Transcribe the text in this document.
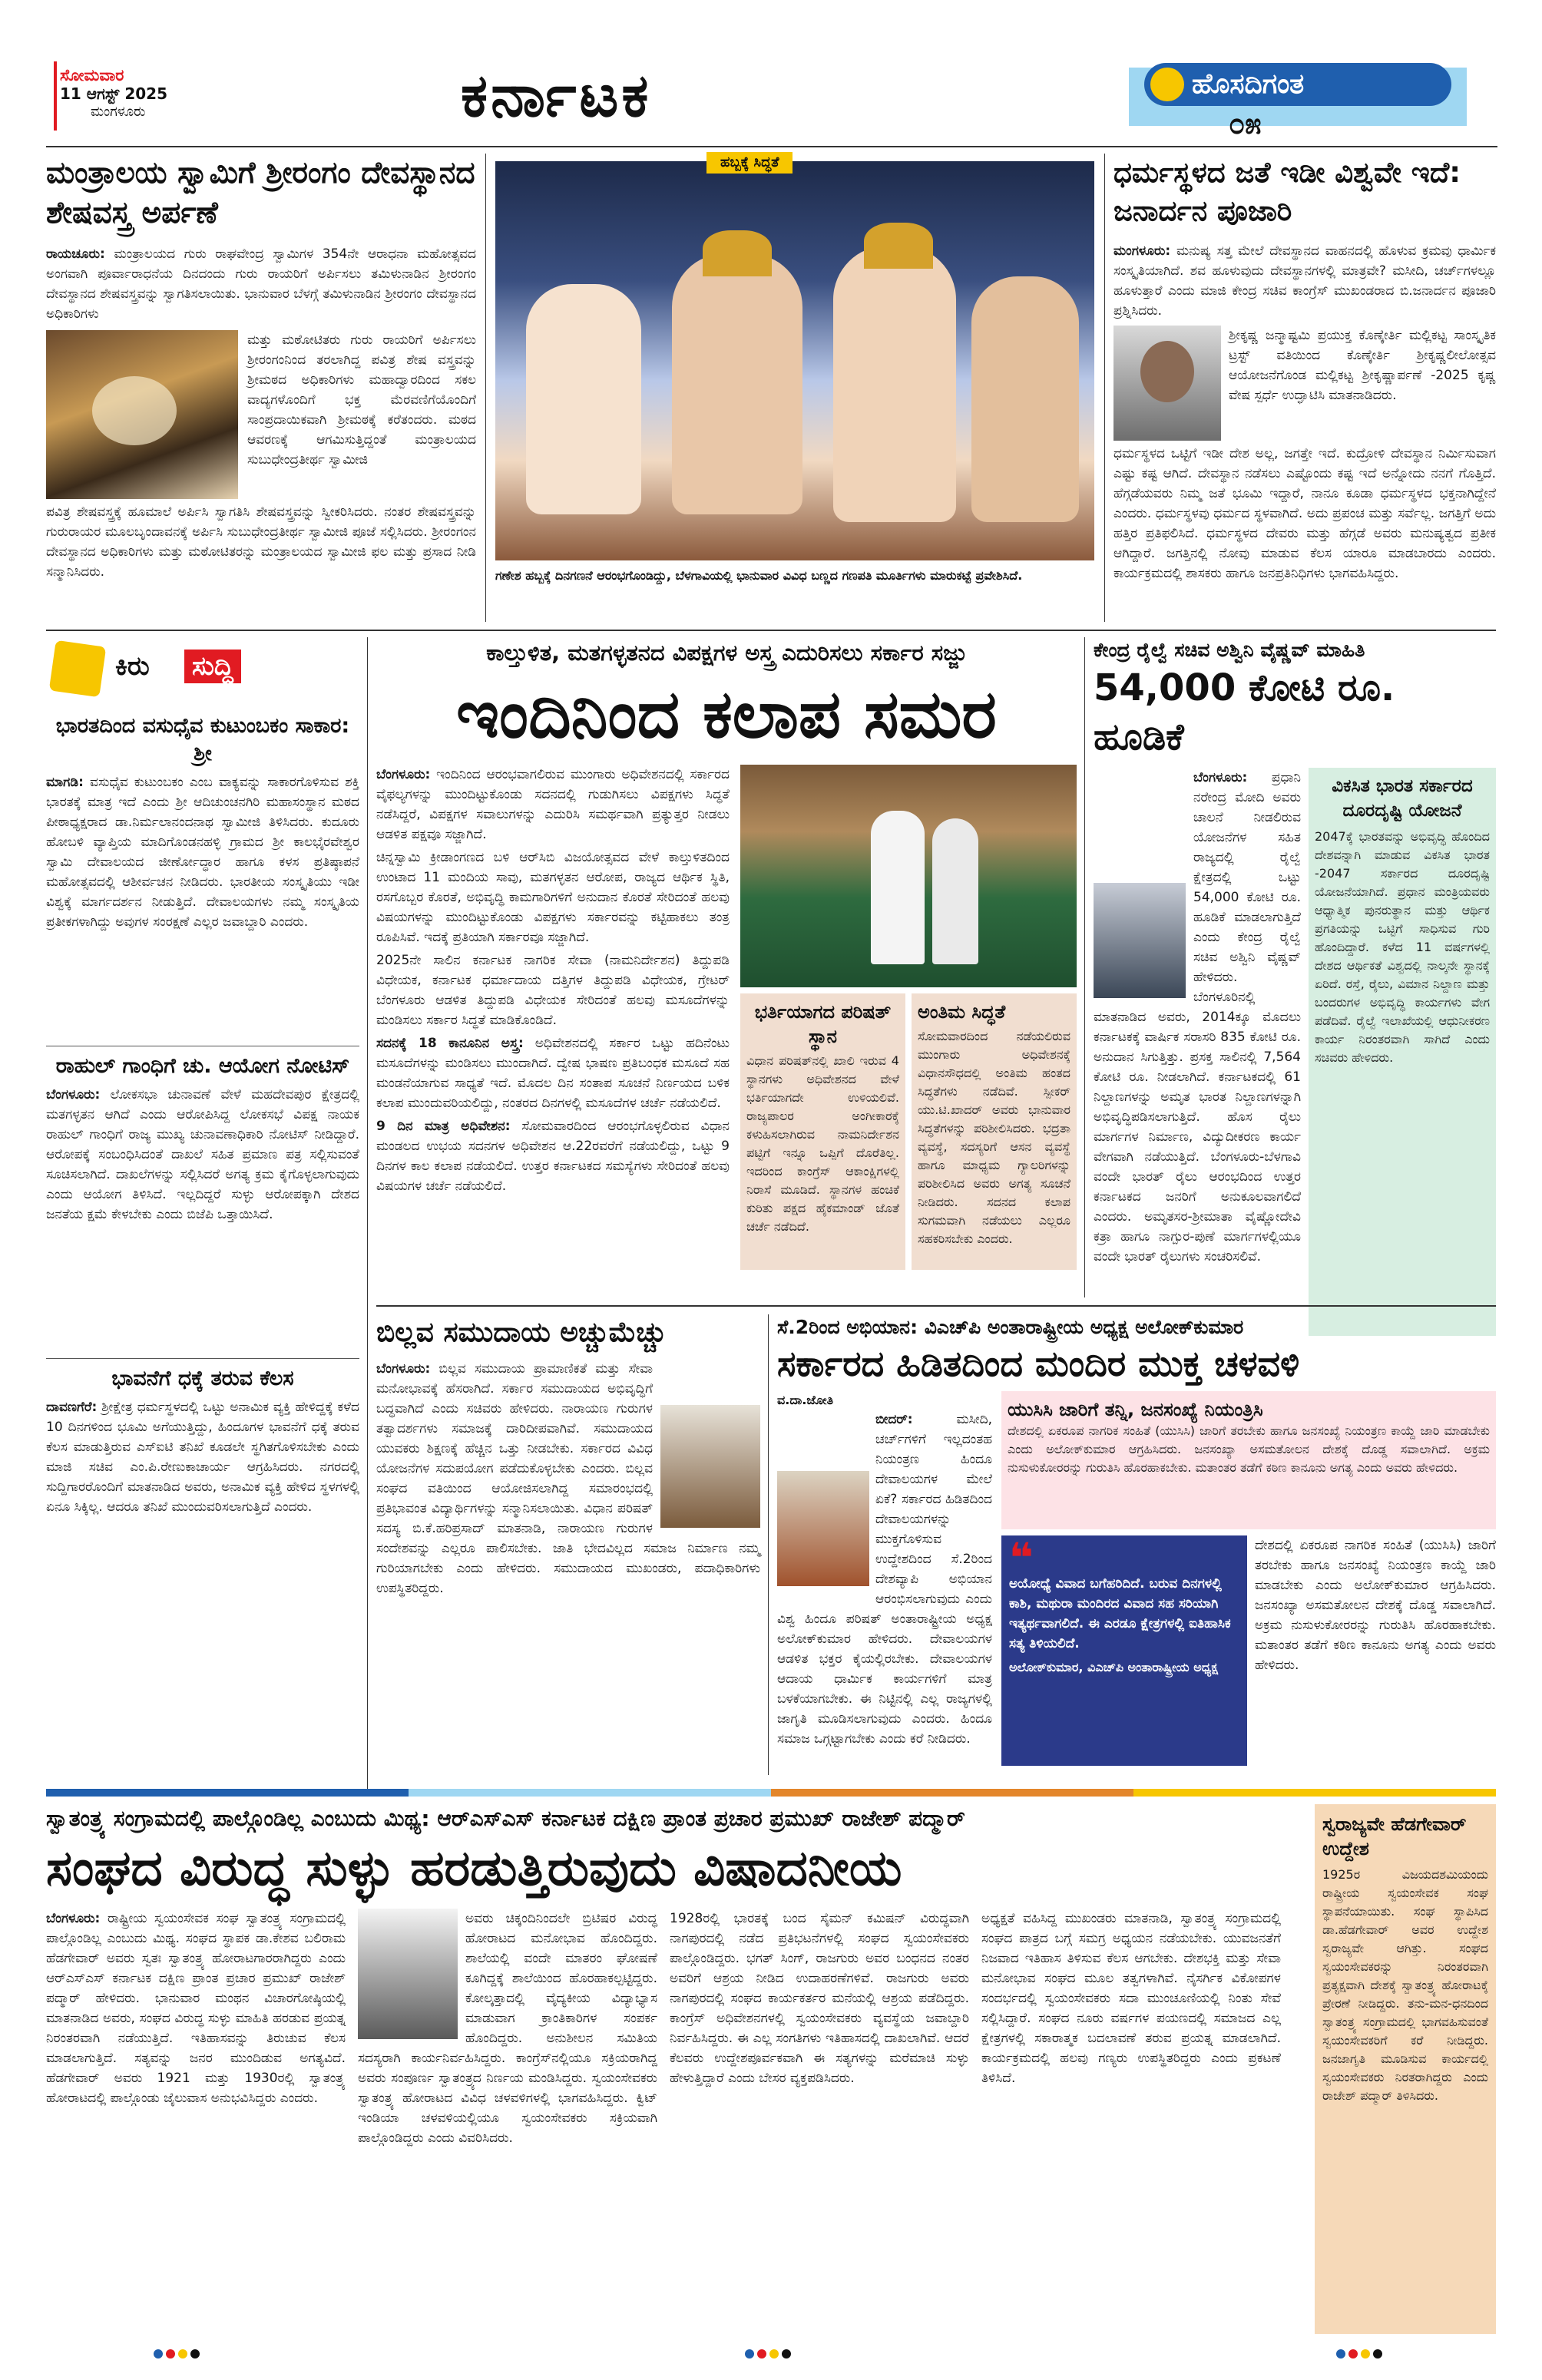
ಸೋಮವಾರ
11 ಆಗಸ್ಟ್ 2025
ಮಂಗಳೂರು	ಕರ್ನಾಟಕ	ಹೊಸದಿಗಂತ
೦೫
ಮಂತ್ರಾಲಯ ಸ್ವಾಮಿಗೆ ಶ್ರೀರಂಗಂ ದೇವಸ್ಥಾನದ ಶೇಷವಸ್ತ್ರ ಅರ್ಪಣೆ
ರಾಯಚೂರು: ಮಂತ್ರಾಲಯದ ಗುರು ರಾಘವೇಂದ್ರ ಸ್ವಾಮಿಗಳ 354ನೇ ಆರಾಧನಾ ಮಹೋತ್ಸವದ ಅಂಗವಾಗಿ ಪೂರ್ವಾರಾಧನೆಯ ದಿನದಂದು ಗುರು ರಾಯರಿಗೆ ಅರ್ಪಿಸಲು ತಮಿಳುನಾಡಿನ ಶ್ರೀರಂಗಂ ದೇವಸ್ಥಾನದ ಶೇಷವಸ್ತ್ರವನ್ನು ಸ್ವಾಗತಿಸಲಾಯಿತು. ಭಾನುವಾರ ಬೆಳಗ್ಗೆ ತಮಿಳುನಾಡಿನ ಶ್ರೀರಂಗಂ ದೇವಸ್ಥಾನದ ಅಧಿಕಾರಿಗಳು
ಮತ್ತು ಮಠೋಟಿತರು ಗುರು ರಾಯರಿಗೆ ಅರ್ಪಿಸಲು ಶ್ರೀರಂಗಂನಿಂದ ತರಲಾಗಿದ್ದ ಪವಿತ್ರ ಶೇಷ ವಸ್ತ್ರವನ್ನು ಶ್ರೀಮಠದ ಅಧಿಕಾರಿಗಳು ಮಹಾದ್ವಾರದಿಂದ ಸಕಲ ವಾದ್ಯಗಳೊಂದಿಗೆ ಭಕ್ತ ಮೆರವಣಿಗೆಯೊಂದಿಗೆ ಸಾಂಪ್ರದಾಯಿಕವಾಗಿ ಶ್ರೀಮಠಕ್ಕೆ ಕರೆತಂದರು. ಮಠದ ಆವರಣಕ್ಕೆ ಆಗಮಿಸುತ್ತಿದ್ದಂತೆ ಮಂತ್ರಾಲಯದ ಸುಬುಧೇಂದ್ರತೀರ್ಥ ಸ್ವಾಮೀಜಿ
ಪವಿತ್ರ ಶೇಷವಸ್ತ್ರಕ್ಕೆ ಹೂಮಾಲೆ ಅರ್ಪಿಸಿ ಸ್ವಾಗತಿಸಿ ಶೇಷವಸ್ತ್ರವನ್ನು ಸ್ವೀಕರಿಸಿದರು. ನಂತರ ಶೇಷವಸ್ತ್ರವನ್ನು ಗುರುರಾಯರ ಮೂಲಬೃಂದಾವನಕ್ಕೆ ಅರ್ಪಿಸಿ ಸುಬುಧೇಂದ್ರತೀರ್ಥ ಸ್ವಾಮೀಜಿ ಪೂಜೆ ಸಲ್ಲಿಸಿದರು. ಶ್ರೀರಂಗಂನ ದೇವಸ್ಥಾನದ ಅಧಿಕಾರಿಗಳು ಮತ್ತು ಮಠೋಟಿತರನ್ನು ಮಂತ್ರಾಲಯದ ಸ್ವಾಮೀಜಿ ಫಲ ಮತ್ತು ಪ್ರಸಾದ ನೀಡಿ ಸನ್ಮಾನಿಸಿದರು.
ಹಬ್ಬಕ್ಕೆ ಸಿದ್ಧತೆ
ಗಣೇಶ ಹಬ್ಬಕ್ಕೆ ದಿನಗಣನೆ ಆರಂಭಗೊಂಡಿದ್ದು, ಬೆಳಗಾವಿಯಲ್ಲಿ ಭಾನುವಾರ ವಿವಿಧ ಬಣ್ಣದ ಗಣಪತಿ ಮೂರ್ತಿಗಳು ಮಾರುಕಟ್ಟೆ ಪ್ರವೇಶಿಸಿದೆ.
ಧರ್ಮಸ್ಥಳದ ಜತೆ ಇಡೀ ವಿಶ್ವವೇ ಇದೆ: ಜನಾರ್ದನ ಪೂಜಾರಿ
ಮಂಗಳೂರು: ಮನುಷ್ಯ ಸತ್ತ ಮೇಲೆ ದೇವಸ್ಥಾನದ ವಾಹನದಲ್ಲಿ ಹೊಳುವ ಕ್ರಮವು ಧಾರ್ಮಿಕ ಸಂಸ್ಕೃತಿಯಾಗಿದೆ. ಶವ ಹೂಳುವುದು ದೇವಸ್ಥಾನಗಳಲ್ಲಿ ಮಾತ್ರವೇ? ಮಸೀದಿ, ಚರ್ಚ್‌ಗಳಲ್ಲೂ ಹೂಳುತ್ತಾರೆ ಎಂದು ಮಾಜಿ ಕೇಂದ್ರ ಸಚಿವ ಕಾಂಗ್ರೆಸ್ ಮುಖಂಡರಾದ ಬಿ.ಜನಾರ್ದನ ಪೂಜಾರಿ ಪ್ರಶ್ನಿಸಿದರು.
ಶ್ರೀಕೃಷ್ಣ ಜನ್ಮಾಷ್ಟಮಿ ಪ್ರಯುಕ್ತ ಕೊಣ್ಕೇರ್ತಿ ಮಲ್ಲಿಕಟ್ಟ ಸಾಂಸ್ಕೃತಿಕ ಟ್ರಸ್ಟ್ ವತಿಯಿಂದ ಕೊಣ್ಕೇರ್ತಿ ಶ್ರೀಕೃಷ್ಣಲೀಲೋತ್ಸವ ಆಯೋಜನೆಗೊಂಡ ಮಲ್ಲಿಕಟ್ಟ ಶ್ರೀಕೃಷ್ಣಾರ್ಪಣೆ -2025 ಕೃಷ್ಣ ವೇಷ ಸ್ಪರ್ಧೆ ಉದ್ಘಾಟಿಸಿ ಮಾತನಾಡಿದರು.
ಧರ್ಮಸ್ಥಳದ ಒಟ್ಟಿಗೆ ಇಡೀ ದೇಶ ಅಲ್ಲ, ಜಗತ್ತೇ ಇದೆ. ಕುದ್ರೋಳಿ ದೇವಸ್ಥಾನ ನಿರ್ಮಿಸುವಾಗ ಎಷ್ಟು ಕಷ್ಟ ಆಗಿದೆ. ದೇವಸ್ಥಾನ ನಡೆಸಲು ಎಷ್ಟೊಂದು ಕಷ್ಟ ಇದೆ ಅನ್ನೋದು ನನಗೆ ಗೊತ್ತಿದೆ. ಹೆಗ್ಗಡೆಯವರು ನಿಮ್ಮ ಜತೆ ಭೂಮಿ ಇದ್ದಾರೆ, ನಾನೂ ಕೂಡಾ ಧರ್ಮಸ್ಥಳದ ಭಕ್ತನಾಗಿದ್ದೇನೆ ಎಂದರು. ಧರ್ಮಸ್ಥಳವು ಧರ್ಮದ ಸ್ಥಳವಾಗಿದೆ. ಅದು ಪ್ರಪಂಚ ಮತ್ತು ಸರ್ವೆಲ್ಲ. ಜಗತ್ತಿಗೆ ಅದು ಹತ್ತಿರ ಪ್ರತಿಫಲಿಸಿದೆ. ಧರ್ಮಸ್ಥಳದ ದೇವರು ಮತ್ತು ಹೆಗ್ಗಡೆ ಅವರು ಮನುಷ್ಯತ್ವದ ಪ್ರತೀಕ ಆಗಿದ್ದಾರೆ. ಜಗತ್ತಿನಲ್ಲಿ ನೋವು ಮಾಡುವ ಕೆಲಸ ಯಾರೂ ಮಾಡಬಾರದು ಎಂದರು. ಕಾರ್ಯಕ್ರಮದಲ್ಲಿ ಶಾಸಕರು ಹಾಗೂ ಜನಪ್ರತಿನಿಧಿಗಳು ಭಾಗವಹಿಸಿದ್ದರು.
ಕಿರು ಸುದ್ದಿ
ಭಾರತದಿಂದ ವಸುಧೈವ ಕುಟುಂಬಕಂ ಸಾಕಾರ: ಶ್ರೀ
ಮಾಗಡಿ: ವಸುಧೈವ ಕುಟುಂಬಕಂ ಎಂಬ ವಾಕ್ಯವನ್ನು ಸಾಕಾರಗೊಳಿಸುವ ಶಕ್ತಿ ಭಾರತಕ್ಕೆ ಮಾತ್ರ ಇದೆ ಎಂದು ಶ್ರೀ ಆದಿಚುಂಚನಗಿರಿ ಮಹಾಸಂಸ್ಥಾನ ಮಠದ ಪೀಠಾಧ್ಯಕ್ಷರಾದ ಡಾ.ನಿರ್ಮಲಾನಂದನಾಥ ಸ್ವಾಮೀಜಿ ತಿಳಿಸಿದರು. ಕುದೂರು ಹೋಬಳಿ ವ್ಯಾಪ್ತಿಯ ಮಾದಿಗೊಂಡನಹಳ್ಳಿ ಗ್ರಾಮದ ಶ್ರೀ ಕಾಲಭೈರವೇಶ್ವರ ಸ್ವಾಮಿ ದೇವಾಲಯದ ಜೀರ್ಣೋದ್ಧಾರ ಹಾಗೂ ಕಳಸ ಪ್ರತಿಷ್ಠಾಪನೆ ಮಹೋತ್ಸವದಲ್ಲಿ ಆಶೀರ್ವಚನ ನೀಡಿದರು. ಭಾರತೀಯ ಸಂಸ್ಕೃತಿಯು ಇಡೀ ವಿಶ್ವಕ್ಕೆ ಮಾರ್ಗದರ್ಶನ ನೀಡುತ್ತಿದೆ. ದೇವಾಲಯಗಳು ನಮ್ಮ ಸಂಸ್ಕೃತಿಯ ಪ್ರತೀಕಗಳಾಗಿದ್ದು ಅವುಗಳ ಸಂರಕ್ಷಣೆ ಎಲ್ಲರ ಜವಾಬ್ದಾರಿ ಎಂದರು.
ರಾಹುಲ್ ಗಾಂಧಿಗೆ ಚು. ಆಯೋಗ ನೋಟಿಸ್
ಬೆಂಗಳೂರು: ಲೋಕಸಭಾ ಚುನಾವಣೆ ವೇಳೆ ಮಹದೇವಪುರ ಕ್ಷೇತ್ರದಲ್ಲಿ ಮತಗಳ್ಳತನ ಆಗಿದೆ ಎಂದು ಆರೋಪಿಸಿದ್ದ ಲೋಕಸಭೆ ವಿಪಕ್ಷ ನಾಯಕ ರಾಹುಲ್ ಗಾಂಧಿಗೆ ರಾಜ್ಯ ಮುಖ್ಯ ಚುನಾವಣಾಧಿಕಾರಿ ನೋಟಿಸ್ ನೀಡಿದ್ದಾರೆ. ಆರೋಪಕ್ಕೆ ಸಂಬಂಧಿಸಿದಂತೆ ದಾಖಲೆ ಸಹಿತ ಪ್ರಮಾಣ ಪತ್ರ ಸಲ್ಲಿಸುವಂತೆ ಸೂಚಿಸಲಾಗಿದೆ. ದಾಖಲೆಗಳನ್ನು ಸಲ್ಲಿಸಿದರೆ ಅಗತ್ಯ ಕ್ರಮ ಕೈಗೊಳ್ಳಲಾಗುವುದು ಎಂದು ಆಯೋಗ ತಿಳಿಸಿದೆ. ಇಲ್ಲದಿದ್ದರೆ ಸುಳ್ಳು ಆರೋಪಕ್ಕಾಗಿ ದೇಶದ ಜನತೆಯ ಕ್ಷಮೆ ಕೇಳಬೇಕು ಎಂದು ಬಿಜೆಪಿ ಒತ್ತಾಯಿಸಿದೆ.
ಭಾವನೆಗೆ ಧಕ್ಕೆ ತರುವ ಕೆಲಸ
ದಾವಣಗೆರೆ: ಶ್ರೀಕ್ಷೇತ್ರ ಧರ್ಮಸ್ಥಳದಲ್ಲಿ ಒಟ್ಟು ಅನಾಮಿಕ ವ್ಯಕ್ತಿ ಹೇಳಿದ್ದಕ್ಕೆ ಕಳೆದ 10 ದಿನಗಳಿಂದ ಭೂಮಿ ಅಗೆಯುತ್ತಿದ್ದು, ಹಿಂದೂಗಳ ಭಾವನೆಗೆ ಧಕ್ಕೆ ತರುವ ಕೆಲಸ ಮಾಡುತ್ತಿರುವ ಎಸ್ಐಟಿ ತನಿಖೆ ಕೂಡಲೇ ಸ್ಥಗಿತಗೊಳಿಸಬೇಕು ಎಂದು ಮಾಜಿ ಸಚಿವ ಎಂ.ಪಿ.ರೇಣುಕಾಚಾರ್ಯ ಆಗ್ರಹಿಸಿದರು. ನಗರದಲ್ಲಿ ಸುದ್ದಿಗಾರರೊಂದಿಗೆ ಮಾತನಾಡಿದ ಅವರು, ಅನಾಮಿಕ ವ್ಯಕ್ತಿ ಹೇಳಿದ ಸ್ಥಳಗಳಲ್ಲಿ ಏನೂ ಸಿಕ್ಕಿಲ್ಲ. ಆದರೂ ತನಿಖೆ ಮುಂದುವರಿಸಲಾಗುತ್ತಿದೆ ಎಂದರು.
ಕಾಲ್ತುಳಿತ, ಮತಗಳ್ಳತನದ ವಿಪಕ್ಷಗಳ ಅಸ್ತ್ರ ಎದುರಿಸಲು ಸರ್ಕಾರ ಸಜ್ಜು
ಇಂದಿನಿಂದ ಕಲಾಪ ಸಮರ
ಬೆಂಗಳೂರು: ಇಂದಿನಿಂದ ಆರಂಭವಾಗಲಿರುವ ಮುಂಗಾರು ಅಧಿವೇಶನದಲ್ಲಿ ಸರ್ಕಾರದ ವೈಫಲ್ಯಗಳನ್ನು ಮುಂದಿಟ್ಟುಕೊಂಡು ಸದನದಲ್ಲಿ ಗುಡುಗಿಸಲು ವಿಪಕ್ಷಗಳು ಸಿದ್ಧತೆ ನಡೆಸಿದ್ದರೆ, ವಿಪಕ್ಷಗಳ ಸವಾಲುಗಳನ್ನು ಎದುರಿಸಿ ಸಮರ್ಥವಾಗಿ ಪ್ರತ್ಯುತ್ತರ ನೀಡಲು ಆಡಳಿತ ಪಕ್ಷವೂ ಸಜ್ಜಾಗಿದೆ.
ಚಿನ್ನಸ್ವಾಮಿ ಕ್ರೀಡಾಂಗಣದ ಬಳಿ ಆರ್‌ಸಿಬಿ ವಿಜಯೋತ್ಸವದ ವೇಳೆ ಕಾಲ್ತುಳಿತದಿಂದ ಉಂಟಾದ 11 ಮಂದಿಯ ಸಾವು, ಮತಗಳ್ಳತನ ಆರೋಪ, ರಾಜ್ಯದ ಆರ್ಥಿಕ ಸ್ಥಿತಿ, ರಸಗೊಬ್ಬರ ಕೊರತೆ, ಅಭಿವೃದ್ಧಿ ಕಾಮಗಾರಿಗಳಿಗೆ ಅನುದಾನ ಕೊರತೆ ಸೇರಿದಂತೆ ಹಲವು ವಿಷಯಗಳನ್ನು ಮುಂದಿಟ್ಟುಕೊಂಡು ವಿಪಕ್ಷಗಳು ಸರ್ಕಾರವನ್ನು ಕಟ್ಟಿಹಾಕಲು ತಂತ್ರ ರೂಪಿಸಿವೆ. ಇದಕ್ಕೆ ಪ್ರತಿಯಾಗಿ ಸರ್ಕಾರವೂ ಸಜ್ಜಾಗಿದೆ.
2025ನೇ ಸಾಲಿನ ಕರ್ನಾಟಕ ನಾಗರಿಕ ಸೇವಾ (ನಾಮನಿರ್ದೇಶನ) ತಿದ್ದುಪಡಿ ವಿಧೇಯಕ, ಕರ್ನಾಟಕ ಧರ್ಮಾದಾಯ ದತ್ತಿಗಳ ತಿದ್ದುಪಡಿ ವಿಧೇಯಕ, ಗ್ರೇಟರ್ ಬೆಂಗಳೂರು ಆಡಳಿತ ತಿದ್ದುಪಡಿ ವಿಧೇಯಕ ಸೇರಿದಂತೆ ಹಲವು ಮಸೂದೆಗಳನ್ನು ಮಂಡಿಸಲು ಸರ್ಕಾರ ಸಿದ್ಧತೆ ಮಾಡಿಕೊಂಡಿದೆ.
ಸದನಕ್ಕೆ 18 ಕಾನೂನಿನ ಅಸ್ತ್ರ: ಅಧಿವೇಶನದಲ್ಲಿ ಸರ್ಕಾರ ಒಟ್ಟು ಹದಿನೆಂಟು ಮಸೂದೆಗಳನ್ನು ಮಂಡಿಸಲು ಮುಂದಾಗಿದೆ. ದ್ವೇಷ ಭಾಷಣ ಪ್ರತಿಬಂಧಕ ಮಸೂದೆ ಸಹ ಮಂಡನೆಯಾಗುವ ಸಾಧ್ಯತೆ ಇದೆ. ಮೊದಲ ದಿನ ಸಂತಾಪ ಸೂಚನೆ ನಿರ್ಣಯದ ಬಳಿಕ ಕಲಾಪ ಮುಂದುವರಿಯಲಿದ್ದು, ನಂತರದ ದಿನಗಳಲ್ಲಿ ಮಸೂದೆಗಳ ಚರ್ಚೆ ನಡೆಯಲಿದೆ.
9 ದಿನ ಮಾತ್ರ ಅಧಿವೇಶನ: ಸೋಮವಾರದಿಂದ ಆರಂಭಗೊಳ್ಳಲಿರುವ ವಿಧಾನ ಮಂಡಲದ ಉಭಯ ಸದನಗಳ ಅಧಿವೇಶನ ಆ.22ರವರೆಗೆ ನಡೆಯಲಿದ್ದು, ಒಟ್ಟು 9 ದಿನಗಳ ಕಾಲ ಕಲಾಪ ನಡೆಯಲಿದೆ. ಉತ್ತರ ಕರ್ನಾಟಕದ ಸಮಸ್ಯೆಗಳು ಸೇರಿದಂತೆ ಹಲವು ವಿಷಯಗಳ ಚರ್ಚೆ ನಡೆಯಲಿದೆ.
ಭರ್ತಿಯಾಗದ ಪರಿಷತ್ ಸ್ಥಾನ
ವಿಧಾನ ಪರಿಷತ್‌ನಲ್ಲಿ ಖಾಲಿ ಇರುವ 4 ಸ್ಥಾನಗಳು ಅಧಿವೇಶನದ ವೇಳೆ ಭರ್ತಿಯಾಗದೇ ಉಳಿಯಲಿವೆ. ರಾಜ್ಯಪಾಲರ ಅಂಗೀಕಾರಕ್ಕೆ ಕಳುಹಿಸಲಾಗಿರುವ ನಾಮನಿರ್ದೇಶನ ಪಟ್ಟಿಗೆ ಇನ್ನೂ ಒಪ್ಪಿಗೆ ದೊರೆತಿಲ್ಲ. ಇದರಿಂದ ಕಾಂಗ್ರೆಸ್ ಆಕಾಂಕ್ಷಿಗಳಲ್ಲಿ ನಿರಾಸೆ ಮೂಡಿದೆ. ಸ್ಥಾನಗಳ ಹಂಚಿಕೆ ಕುರಿತು ಪಕ್ಷದ ಹೈಕಮಾಂಡ್ ಜೊತೆ ಚರ್ಚೆ ನಡೆದಿದೆ.
ಅಂತಿಮ ಸಿದ್ಧತೆ
ಸೋಮವಾರದಿಂದ ನಡೆಯಲಿರುವ ಮುಂಗಾರು ಅಧಿವೇಶನಕ್ಕೆ ವಿಧಾನಸೌಧದಲ್ಲಿ ಅಂತಿಮ ಹಂತದ ಸಿದ್ಧತೆಗಳು ನಡೆದಿವೆ. ಸ್ಪೀಕರ್ ಯು.ಟಿ.ಖಾದರ್ ಅವರು ಭಾನುವಾರ ಸಿದ್ಧತೆಗಳನ್ನು ಪರಿಶೀಲಿಸಿದರು. ಭದ್ರತಾ ವ್ಯವಸ್ಥೆ, ಸದಸ್ಯರಿಗೆ ಆಸನ ವ್ಯವಸ್ಥೆ ಹಾಗೂ ಮಾಧ್ಯಮ ಗ್ಯಾಲರಿಗಳನ್ನು ಪರಿಶೀಲಿಸಿದ ಅವರು ಅಗತ್ಯ ಸೂಚನೆ ನೀಡಿದರು. ಸದನದ ಕಲಾಪ ಸುಗಮವಾಗಿ ನಡೆಯಲು ಎಲ್ಲರೂ ಸಹಕರಿಸಬೇಕು ಎಂದರು.
ಕೇಂದ್ರ ರೈಲ್ವೆ ಸಚಿವ ಅಶ್ವಿನಿ ವೈಷ್ಣವ್ ಮಾಹಿತಿ
54,000 ಕೋಟಿ ರೂ. ಹೂಡಿಕೆ
ಬೆಂಗಳೂರು: ಪ್ರಧಾನಿ ನರೇಂದ್ರ ಮೋದಿ ಅವರು ಚಾಲನೆ ನೀಡಲಿರುವ ಯೋಜನೆಗಳ ಸಹಿತ ರಾಜ್ಯದಲ್ಲಿ ರೈಲ್ವೆ ಕ್ಷೇತ್ರದಲ್ಲಿ ಒಟ್ಟು 54,000 ಕೋಟಿ ರೂ. ಹೂಡಿಕೆ ಮಾಡಲಾಗುತ್ತಿದೆ ಎಂದು ಕೇಂದ್ರ ರೈಲ್ವೆ ಸಚಿವ ಅಶ್ವಿನಿ ವೈಷ್ಣವ್ ಹೇಳಿದರು. ಬೆಂಗಳೂರಿನಲ್ಲಿ ಮಾತನಾಡಿದ ಅವರು, 2014ಕ್ಕೂ ಮೊದಲು ಕರ್ನಾಟಕಕ್ಕೆ ವಾರ್ಷಿಕ ಸರಾಸರಿ 835 ಕೋಟಿ ರೂ. ಅನುದಾನ ಸಿಗುತ್ತಿತ್ತು. ಪ್ರಸಕ್ತ ಸಾಲಿನಲ್ಲಿ 7,564 ಕೋಟಿ ರೂ. ನೀಡಲಾಗಿದೆ. ಕರ್ನಾಟಕದಲ್ಲಿ 61 ನಿಲ್ದಾಣಗಳನ್ನು ಅಮೃತ ಭಾರತ ನಿಲ್ದಾಣಗಳನ್ನಾಗಿ ಅಭಿವೃದ್ಧಿಪಡಿಸಲಾಗುತ್ತಿದೆ. ಹೊಸ ರೈಲು ಮಾರ್ಗಗಳ ನಿರ್ಮಾಣ, ವಿದ್ಯುದೀಕರಣ ಕಾರ್ಯ ವೇಗವಾಗಿ ನಡೆಯುತ್ತಿದೆ. ಬೆಂಗಳೂರು-ಬೆಳಗಾವಿ ವಂದೇ ಭಾರತ್ ರೈಲು ಆರಂಭದಿಂದ ಉತ್ತರ ಕರ್ನಾಟಕದ ಜನರಿಗೆ ಅನುಕೂಲವಾಗಲಿದೆ ಎಂದರು. ಅಮೃತಸರ-ಶ್ರೀಮಾತಾ ವೈಷ್ಣೋದೇವಿ ಕತ್ರಾ ಹಾಗೂ ನಾಗ್ಪುರ-ಪುಣೆ ಮಾರ್ಗಗಳಲ್ಲಿಯೂ ವಂದೇ ಭಾರತ್ ರೈಲುಗಳು ಸಂಚರಿಸಲಿವೆ.
ವಿಕಸಿತ ಭಾರತ ಸರ್ಕಾರದ ದೂರದೃಷ್ಟಿ ಯೋಜನೆ
2047ಕ್ಕೆ ಭಾರತವನ್ನು ಅಭಿವೃದ್ಧಿ ಹೊಂದಿದ ದೇಶವನ್ನಾಗಿ ಮಾಡುವ ವಿಕಸಿತ ಭಾರತ -2047 ಸರ್ಕಾರದ ದೂರದೃಷ್ಟಿ ಯೋಜನೆಯಾಗಿದೆ. ಪ್ರಧಾನ ಮಂತ್ರಿಯವರು ಆಧ್ಯಾತ್ಮಿಕ ಪುನರುತ್ಥಾನ ಮತ್ತು ಆರ್ಥಿಕ ಪ್ರಗತಿಯನ್ನು ಒಟ್ಟಿಗೆ ಸಾಧಿಸುವ ಗುರಿ ಹೊಂದಿದ್ದಾರೆ. ಕಳೆದ 11 ವರ್ಷಗಳಲ್ಲಿ ದೇಶದ ಆರ್ಥಿಕತೆ ವಿಶ್ವದಲ್ಲಿ ನಾಲ್ಕನೇ ಸ್ಥಾನಕ್ಕೆ ಏರಿದೆ. ರಸ್ತೆ, ರೈಲು, ವಿಮಾನ ನಿಲ್ದಾಣ ಮತ್ತು ಬಂದರುಗಳ ಅಭಿವೃದ್ಧಿ ಕಾರ್ಯಗಳು ವೇಗ ಪಡೆದಿವೆ. ರೈಲ್ವೆ ಇಲಾಖೆಯಲ್ಲಿ ಆಧುನೀಕರಣ ಕಾರ್ಯ ನಿರಂತರವಾಗಿ ಸಾಗಿದೆ ಎಂದು ಸಚಿವರು ಹೇಳಿದರು.
ಬಿಲ್ಲವ ಸಮುದಾಯ ಅಚ್ಚುಮೆಚ್ಚು
ಬೆಂಗಳೂರು: ಬಿಲ್ಲವ ಸಮುದಾಯ ಪ್ರಾಮಾಣಿಕತೆ ಮತ್ತು ಸೇವಾ ಮನೋಭಾವಕ್ಕೆ ಹೆಸರಾಗಿದೆ. ಸರ್ಕಾರ ಸಮುದಾಯದ ಅಭಿವೃದ್ಧಿಗೆ ಬದ್ಧವಾಗಿದೆ ಎಂದು ಸಚಿವರು ಹೇಳಿದರು. ನಾರಾಯಣ ಗುರುಗಳ ತತ್ವಾದರ್ಶಗಳು ಸಮಾಜಕ್ಕೆ ದಾರಿದೀಪವಾಗಿವೆ. ಸಮುದಾಯದ ಯುವಕರು ಶಿಕ್ಷಣಕ್ಕೆ ಹೆಚ್ಚಿನ ಒತ್ತು ನೀಡಬೇಕು. ಸರ್ಕಾರದ ವಿವಿಧ ಯೋಜನೆಗಳ ಸದುಪಯೋಗ ಪಡೆದುಕೊಳ್ಳಬೇಕು ಎಂದರು. ಬಿಲ್ಲವ ಸಂಘದ ವತಿಯಿಂದ ಆಯೋಜಿಸಲಾಗಿದ್ದ ಸಮಾರಂಭದಲ್ಲಿ ಪ್ರತಿಭಾವಂತ ವಿದ್ಯಾರ್ಥಿಗಳನ್ನು ಸನ್ಮಾನಿಸಲಾಯಿತು. ವಿಧಾನ ಪರಿಷತ್ ಸದಸ್ಯ ಬಿ.ಕೆ.ಹರಿಪ್ರಸಾದ್ ಮಾತನಾಡಿ, ನಾರಾಯಣ ಗುರುಗಳ ಸಂದೇಶವನ್ನು ಎಲ್ಲರೂ ಪಾಲಿಸಬೇಕು. ಜಾತಿ ಭೇದವಿಲ್ಲದ ಸಮಾಜ ನಿರ್ಮಾಣ ನಮ್ಮ ಗುರಿಯಾಗಬೇಕು ಎಂದು ಹೇಳಿದರು. ಸಮುದಾಯದ ಮುಖಂಡರು, ಪದಾಧಿಕಾರಿಗಳು ಉಪಸ್ಥಿತರಿದ್ದರು.
ಸೆ.2ರಿಂದ ಅಭಿಯಾನ: ವಿಎಚ್‌ಪಿ ಅಂತಾರಾಷ್ಟ್ರೀಯ ಅಧ್ಯಕ್ಷ ಅಲೋಕ್‌ಕುಮಾರ
ಸರ್ಕಾರದ ಹಿಡಿತದಿಂದ ಮಂದಿರ ಮುಕ್ತ ಚಳವಳಿ
ವ.ದಾ.ಜೋತಿ
ಬೀದರ್:	ಮಸೀದಿ, ಚರ್ಚ್‌ಗಳಿಗೆ ಇಲ್ಲದಂತಹ ನಿಯಂತ್ರಣ ಹಿಂದೂ ದೇವಾಲಯಗಳ ಮೇಲೆ ಏಕೆ? ಸರ್ಕಾರದ ಹಿಡಿತದಿಂದ ದೇವಾಲಯಗಳನ್ನು ಮುಕ್ತಗೊಳಿಸುವ ಉದ್ದೇಶದಿಂದ ಸೆ.2ರಿಂದ ದೇಶವ್ಯಾಪಿ ಅಭಿಯಾನ ಆರಂಭಿಸಲಾಗುವುದು ಎಂದು ವಿಶ್ವ ಹಿಂದೂ ಪರಿಷತ್ ಅಂತಾರಾಷ್ಟ್ರೀಯ ಅಧ್ಯಕ್ಷ ಅಲೋಕ್‌ಕುಮಾರ ಹೇಳಿದರು. ದೇವಾಲಯಗಳ ಆಡಳಿತ ಭಕ್ತರ ಕೈಯಲ್ಲಿರಬೇಕು. ದೇವಾಲಯಗಳ ಆದಾಯ ಧಾರ್ಮಿಕ ಕಾರ್ಯಗಳಿಗೆ ಮಾತ್ರ ಬಳಕೆಯಾಗಬೇಕು. ಈ ನಿಟ್ಟಿನಲ್ಲಿ ಎಲ್ಲ ರಾಜ್ಯಗಳಲ್ಲಿ ಜಾಗೃತಿ ಮೂಡಿಸಲಾಗುವುದು ಎಂದರು. ಹಿಂದೂ ಸಮಾಜ ಒಗ್ಗಟ್ಟಾಗಬೇಕು ಎಂದು ಕರೆ ನೀಡಿದರು.
ಯುಸಿಸಿ ಜಾರಿಗೆ ತನ್ನಿ, ಜನಸಂಖ್ಯೆ ನಿಯಂತ್ರಿಸಿ
ದೇಶದಲ್ಲಿ ಏಕರೂಪ ನಾಗರಿಕ ಸಂಹಿತೆ (ಯುಸಿಸಿ) ಜಾರಿಗೆ ತರಬೇಕು ಹಾಗೂ ಜನಸಂಖ್ಯೆ ನಿಯಂತ್ರಣ ಕಾಯ್ದೆ ಜಾರಿ ಮಾಡಬೇಕು ಎಂದು ಅಲೋಕ್‌ಕುಮಾರ ಆಗ್ರಹಿಸಿದರು. ಜನಸಂಖ್ಯಾ ಅಸಮತೋಲನ ದೇಶಕ್ಕೆ ದೊಡ್ಡ ಸವಾಲಾಗಿದೆ. ಅಕ್ರಮ ನುಸುಳುಕೋರರನ್ನು ಗುರುತಿಸಿ ಹೊರಹಾಕಬೇಕು. ಮತಾಂತರ ತಡೆಗೆ ಕಠಿಣ ಕಾನೂನು ಅಗತ್ಯ ಎಂದು ಅವರು ಹೇಳಿದರು.
❝
ಅಯೋಧ್ಯೆ ವಿವಾದ ಬಗೆಹರಿದಿದೆ. ಬರುವ ದಿನಗಳಲ್ಲಿ ಕಾಶಿ, ಮಥುರಾ ಮಂದಿರದ ವಿವಾದ ಸಹ ಸರಿಯಾಗಿ ಇತ್ಯರ್ಥವಾಗಲಿದೆ. ಈ ಎರಡೂ ಕ್ಷೇತ್ರಗಳಲ್ಲಿ ಐತಿಹಾಸಿಕ ಸತ್ಯ ತಿಳಿಯಲಿದೆ.
ಅಲೋಕ್‌ಕುಮಾರ, ವಿಎಚ್‌ಪಿ ಅಂತಾರಾಷ್ಟ್ರೀಯ ಅಧ್ಯಕ್ಷ
ದೇಶದಲ್ಲಿ ಏಕರೂಪ ನಾಗರಿಕ ಸಂಹಿತೆ (ಯುಸಿಸಿ) ಜಾರಿಗೆ ತರಬೇಕು ಹಾಗೂ ಜನಸಂಖ್ಯೆ ನಿಯಂತ್ರಣ ಕಾಯ್ದೆ ಜಾರಿ ಮಾಡಬೇಕು ಎಂದು ಅಲೋಕ್‌ಕುಮಾರ ಆಗ್ರಹಿಸಿದರು. ಜನಸಂಖ್ಯಾ ಅಸಮತೋಲನ ದೇಶಕ್ಕೆ ದೊಡ್ಡ ಸವಾಲಾಗಿದೆ. ಅಕ್ರಮ ನುಸುಳುಕೋರರನ್ನು ಗುರುತಿಸಿ ಹೊರಹಾಕಬೇಕು. ಮತಾಂತರ ತಡೆಗೆ ಕಠಿಣ ಕಾನೂನು ಅಗತ್ಯ ಎಂದು ಅವರು ಹೇಳಿದರು.
ಸ್ವಾತಂತ್ರ್ಯ ಸಂಗ್ರಾಮದಲ್ಲಿ ಪಾಲ್ಗೊಂಡಿಲ್ಲ ಎಂಬುದು ಮಿಥ್ಯ: ಆರ್‌ಎಸ್‌ಎಸ್ ಕರ್ನಾಟಕ ದಕ್ಷಿಣ ಪ್ರಾಂತ ಪ್ರಚಾರ ಪ್ರಮುಖ್ ರಾಜೇಶ್ ಪದ್ಮಾರ್
ಸಂಘದ ವಿರುದ್ಧ ಸುಳ್ಳು ಹರಡುತ್ತಿರುವುದು ವಿಷಾದನೀಯ
ಬೆಂಗಳೂರು: ರಾಷ್ಟ್ರೀಯ ಸ್ವಯಂಸೇವಕ ಸಂಘ ಸ್ವಾತಂತ್ರ್ಯ ಸಂಗ್ರಾಮದಲ್ಲಿ ಪಾಲ್ಗೊಂಡಿಲ್ಲ ಎಂಬುದು ಮಿಥ್ಯ. ಸಂಘದ ಸ್ಥಾಪಕ ಡಾ.ಕೇಶವ ಬಲಿರಾಮ ಹೆಡಗೇವಾರ್ ಅವರು ಸ್ವತಃ ಸ್ವಾತಂತ್ರ್ಯ ಹೋರಾಟಗಾರರಾಗಿದ್ದರು ಎಂದು ಆರ್‌ಎಸ್‌ಎಸ್ ಕರ್ನಾಟಕ ದಕ್ಷಿಣ ಪ್ರಾಂತ ಪ್ರಚಾರ ಪ್ರಮುಖ್ ರಾಜೇಶ್ ಪದ್ಮಾರ್ ಹೇಳಿದರು. ಭಾನುವಾರ ಮಂಥನ ವಿಚಾರಗೋಷ್ಠಿಯಲ್ಲಿ ಮಾತನಾಡಿದ ಅವರು, ಸಂಘದ ವಿರುದ್ಧ ಸುಳ್ಳು ಮಾಹಿತಿ ಹರಡುವ ಪ್ರಯತ್ನ ನಿರಂತರವಾಗಿ ನಡೆಯುತ್ತಿದೆ. ಇತಿಹಾಸವನ್ನು ತಿರುಚುವ ಕೆಲಸ ಮಾಡಲಾಗುತ್ತಿದೆ. ಸತ್ಯವನ್ನು ಜನರ ಮುಂದಿಡುವ ಅಗತ್ಯವಿದೆ. ಹೆಡಗೇವಾರ್ ಅವರು 1921 ಮತ್ತು 1930ರಲ್ಲಿ ಸ್ವಾತಂತ್ರ್ಯ ಹೋರಾಟದಲ್ಲಿ ಪಾಲ್ಗೊಂಡು ಜೈಲುವಾಸ ಅನುಭವಿಸಿದ್ದರು ಎಂದರು.
ಅವರು ಚಿಕ್ಕಂದಿನಿಂದಲೇ ಬ್ರಿಟಿಷರ ವಿರುದ್ಧ ಹೋರಾಟದ ಮನೋಭಾವ ಹೊಂದಿದ್ದರು. ಶಾಲೆಯಲ್ಲಿ ವಂದೇ ಮಾತರಂ ಘೋಷಣೆ ಕೂಗಿದ್ದಕ್ಕೆ ಶಾಲೆಯಿಂದ ಹೊರಹಾಕಲ್ಪಟ್ಟಿದ್ದರು. ಕೋಲ್ಕತ್ತಾದಲ್ಲಿ ವೈದ್ಯಕೀಯ ವಿದ್ಯಾಭ್ಯಾಸ ಮಾಡುವಾಗ ಕ್ರಾಂತಿಕಾರಿಗಳ ಸಂಪರ್ಕ ಹೊಂದಿದ್ದರು. ಅನುಶೀಲನ ಸಮಿತಿಯ ಸದಸ್ಯರಾಗಿ ಕಾರ್ಯನಿರ್ವಹಿಸಿದ್ದರು. ಕಾಂಗ್ರೆಸ್‌ನಲ್ಲಿಯೂ ಸಕ್ರಿಯರಾಗಿದ್ದ ಅವರು ಸಂಪೂರ್ಣ ಸ್ವಾತಂತ್ರ್ಯದ ನಿರ್ಣಯ ಮಂಡಿಸಿದ್ದರು. ಸ್ವಯಂಸೇವಕರು ಸ್ವಾತಂತ್ರ್ಯ ಹೋರಾಟದ ವಿವಿಧ ಚಳವಳಿಗಳಲ್ಲಿ ಭಾಗವಹಿಸಿದ್ದರು. ಕ್ವಿಟ್ ಇಂಡಿಯಾ ಚಳವಳಿಯಲ್ಲಿಯೂ ಸ್ವಯಂಸೇವಕರು ಸಕ್ರಿಯವಾಗಿ ಪಾಲ್ಗೊಂಡಿದ್ದರು ಎಂದು ವಿವರಿಸಿದರು.
1928ರಲ್ಲಿ ಭಾರತಕ್ಕೆ ಬಂದ ಸೈಮನ್ ಕಮಿಷನ್ ವಿರುದ್ಧವಾಗಿ ನಾಗಪುರದಲ್ಲಿ ನಡೆದ ಪ್ರತಿಭಟನೆಗಳಲ್ಲಿ ಸಂಘದ ಸ್ವಯಂಸೇವಕರು ಪಾಲ್ಗೊಂಡಿದ್ದರು. ಭಗತ್ ಸಿಂಗ್, ರಾಜಗುರು ಅವರ ಬಂಧನದ ನಂತರ ಅವರಿಗೆ ಆಶ್ರಯ ನೀಡಿದ ಉದಾಹರಣೆಗಳಿವೆ. ರಾಜಗುರು ಅವರು ನಾಗಪುರದಲ್ಲಿ ಸಂಘದ ಕಾರ್ಯಕರ್ತರ ಮನೆಯಲ್ಲಿ ಆಶ್ರಯ ಪಡೆದಿದ್ದರು. ಕಾಂಗ್ರೆಸ್ ಅಧಿವೇಶನಗಳಲ್ಲಿ ಸ್ವಯಂಸೇವಕರು ವ್ಯವಸ್ಥೆಯ ಜವಾಬ್ದಾರಿ ನಿರ್ವಹಿಸಿದ್ದರು. ಈ ಎಲ್ಲ ಸಂಗತಿಗಳು ಇತಿಹಾಸದಲ್ಲಿ ದಾಖಲಾಗಿವೆ. ಆದರೆ ಕೆಲವರು ಉದ್ದೇಶಪೂರ್ವಕವಾಗಿ ಈ ಸತ್ಯಗಳನ್ನು ಮರೆಮಾಚಿ ಸುಳ್ಳು ಹೇಳುತ್ತಿದ್ದಾರೆ ಎಂದು ಬೇಸರ ವ್ಯಕ್ತಪಡಿಸಿದರು.
ಅಧ್ಯಕ್ಷತೆ ವಹಿಸಿದ್ದ ಮುಖಂಡರು ಮಾತನಾಡಿ, ಸ್ವಾತಂತ್ರ್ಯ ಸಂಗ್ರಾಮದಲ್ಲಿ ಸಂಘದ ಪಾತ್ರದ ಬಗ್ಗೆ ಸಮಗ್ರ ಅಧ್ಯಯನ ನಡೆಯಬೇಕು. ಯುವಜನತೆಗೆ ನಿಜವಾದ ಇತಿಹಾಸ ತಿಳಿಸುವ ಕೆಲಸ ಆಗಬೇಕು. ದೇಶಭಕ್ತಿ ಮತ್ತು ಸೇವಾ ಮನೋಭಾವ ಸಂಘದ ಮೂಲ ತತ್ವಗಳಾಗಿವೆ. ನೈಸರ್ಗಿಕ ವಿಕೋಪಗಳ ಸಂದರ್ಭದಲ್ಲಿ ಸ್ವಯಂಸೇವಕರು ಸದಾ ಮುಂಚೂಣಿಯಲ್ಲಿ ನಿಂತು ಸೇವೆ ಸಲ್ಲಿಸಿದ್ದಾರೆ. ಸಂಘದ ನೂರು ವರ್ಷಗಳ ಪಯಣದಲ್ಲಿ ಸಮಾಜದ ಎಲ್ಲ ಕ್ಷೇತ್ರಗಳಲ್ಲಿ ಸಕಾರಾತ್ಮಕ ಬದಲಾವಣೆ ತರುವ ಪ್ರಯತ್ನ ಮಾಡಲಾಗಿದೆ. ಕಾರ್ಯಕ್ರಮದಲ್ಲಿ ಹಲವು ಗಣ್ಯರು ಉಪಸ್ಥಿತರಿದ್ದರು ಎಂದು ಪ್ರಕಟಣೆ ತಿಳಿಸಿದೆ.
ಸ್ವರಾಜ್ಯವೇ ಹೆಡಗೇವಾರ್ ಉದ್ದೇಶ
1925ರ ವಿಜಯದಶಮಿಯಂದು ರಾಷ್ಟ್ರೀಯ ಸ್ವಯಂಸೇವಕ ಸಂಘ ಸ್ಥಾಪನೆಯಾಯಿತು. ಸಂಘ ಸ್ಥಾಪಿಸಿದ ಡಾ.ಹೆಡಗೇವಾರ್ ಅವರ ಉದ್ದೇಶ ಸ್ವರಾಜ್ಯವೇ ಆಗಿತ್ತು. ಸಂಘದ ಸ್ವಯಂಸೇವಕರನ್ನು ನಿರಂತರವಾಗಿ ಪ್ರತ್ಯಕ್ಷವಾಗಿ ದೇಶಕ್ಕೆ ಸ್ವಾತಂತ್ರ್ಯ ಹೋರಾಟಕ್ಕೆ ಪ್ರೇರಣೆ ನೀಡಿದ್ದರು. ತನು-ಮನ-ಧನದಿಂದ ಸ್ವಾತಂತ್ರ್ಯ ಸಂಗ್ರಾಮದಲ್ಲಿ ಭಾಗವಹಿಸುವಂತೆ ಸ್ವಯಂಸೇವಕರಿಗೆ ಕರೆ ನೀಡಿದ್ದರು. ಜನಜಾಗೃತಿ ಮೂಡಿಸುವ ಕಾರ್ಯದಲ್ಲಿ ಸ್ವಯಂಸೇವಕರು ನಿರತರಾಗಿದ್ದರು ಎಂದು ರಾಜೇಶ್ ಪದ್ಮಾರ್ ತಿಳಿಸಿದರು.
